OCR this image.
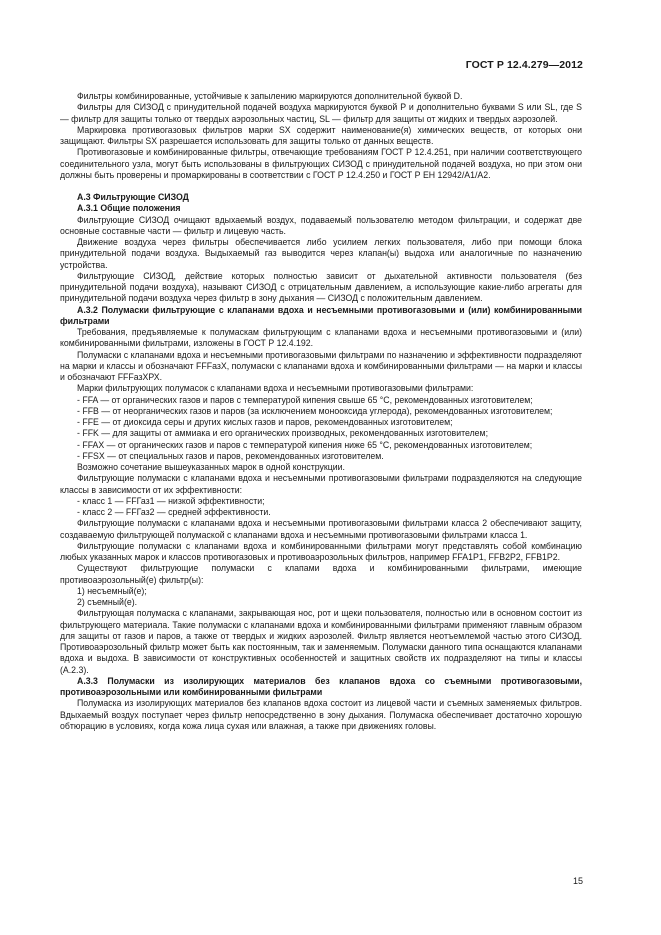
ГОСТ Р 12.4.279—2012

Фильтры комбинированные, устойчивые к запылению маркируются дополнительной буквой D.

Фильтры для СИЗОД с принудительной подачей воздуха маркируются буквой Р и дополнительно буквами S или SL, где S — фильтр для защиты только от твердых аэрозольных частиц, SL — фильтр для защиты от жидких и твердых аэрозолей.

Маркировка противогазовых фильтров марки SX содержит наименование(я) химических веществ, от которых они защищают. Фильтры SX разрешается использовать для защиты только от данных веществ.

Противогазовые и комбинированные фильтры, отвечающие требованиям ГОСТ Р 12.4.251, при наличии соответствующего соединительного узла, могут быть использованы в фильтрующих СИЗОД с принудительной подачей воздуха, но при этом они должны быть проверены и промаркированы в соответствии с ГОСТ Р 12.4.250 и ГОСТ Р ЕН 12942/А1/А2.

А.3 Фильтрующие СИЗОД

А.3.1 Общие положения

Фильтрующие СИЗОД очищают вдыхаемый воздух, подаваемый пользователю методом фильтрации, и содержат две основные составные части — фильтр и лицевую часть.

Движение воздуха через фильтры обеспечивается либо усилием легких пользователя, либо при помощи блока принудительной подачи воздуха. Выдыхаемый газ выводится через клапан(ы) выдоха или аналогичные по назначению устройства.

Фильтрующие СИЗОД, действие которых полностью зависит от дыхательной активности пользователя (без принудительной подачи воздуха), называют СИЗОД с отрицательным давлением, а использующие какие-либо агрегаты для принудительной подачи воздуха через фильтр в зону дыхания — СИЗОД с положительным давлением.

А.3.2 Полумаски фильтрующие с клапанами вдоха и несъемными противогазовыми и (или) комбинированными фильтрами

Требования, предъявляемые к полумаскам фильтрующим с клапанами вдоха и несъемными противогазовыми и (или) комбинированными фильтрами, изложены в ГОСТ Р 12.4.192.

Полумаски с клапанами вдоха и несъемными противогазовыми фильтрами по назначению и эффективности подразделяют на марки и классы и обозначают FFFазХ, полумаски с клапанами вдоха и комбинированными фильтрами — на марки и классы и обозначают FFFазХРХ.

Марки фильтрующих полумасок с клапанами вдоха и несъемными противогазовыми фильтрами:

- FFA — от органических газов и паров с температурой кипения свыше 65 °С, рекомендованных изготовителем;

- FFB — от неорганических газов и паров (за исключением монооксида углерода), рекомендованных изготовителем;

- FFE — от диоксида серы и других кислых газов и паров, рекомендованных изготовителем;

- FFK — для защиты от аммиака и его органических производных, рекомендованных изготовителем;

- FFAX — от органических газов и паров с температурой кипения ниже 65 °С, рекомендованных изготовителем;

- FFSX — от специальных газов и паров, рекомендованных изготовителем.

Возможно сочетание вышеуказанных марок в одной конструкции.

Фильтрующие полумаски с клапанами вдоха и несъемными противогазовыми фильтрами подразделяются на следующие классы в зависимости от их эффективности:

- класс 1 — FFГаз1 — низкой эффективности;

- класс 2 — FFГаз2 — средней эффективности.

Фильтрующие полумаски с клапанами вдоха и несъемными противогазовыми фильтрами класса 2 обеспечивают защиту, создаваемую фильтрующей полумаской с клапанами вдоха и несъемными противогазовыми фильтрами класса 1.

Фильтрующие полумаски с клапанами вдоха и комбинированными фильтрами могут представлять собой комбинацию любых указанных марок и классов противогазовых и противоаэрозольных фильтров, например FFA1P1, FFB2P2, FFB1P2.

Существуют фильтрующие полумаски с клапами вдоха и комбинированными фильтрами, имеющие противоаэрозольный(е) фильтр(ы):

1) несъемный(е);

2) съемный(е).

Фильтрующая полумаска с клапанами, закрывающая нос, рот и щеки пользователя, полностью или в основном состоит из фильтрующего материала. Такие полумаски с клапанами вдоха и комбинированными фильтрами применяют главным образом для защиты от газов и паров, а также от твердых и жидких аэрозолей. Фильтр является неотъемлемой частью этого СИЗОД. Противоаэрозольный фильтр может быть как постоянным, так и заменяемым. Полумаски данного типа оснащаются клапанами вдоха и выдоха. В зависимости от конструктивных особенностей и защитных свойств их подразделяют на типы и классы (А.2.3).

А.3.3 Полумаски из изолирующих материалов без клапанов вдоха со съемными противогазовыми, противоаэрозольными или комбинированными фильтрами

Полумаска из изолирующих материалов без клапанов вдоха состоит из лицевой части и съемных заменяемых фильтров. Вдыхаемый воздух поступает через фильтр непосредственно в зону дыхания. Полумаска обеспечивает достаточно хорошую обтюрацию в условиях, когда кожа лица сухая или влажная, а также при движениях головы.

15
